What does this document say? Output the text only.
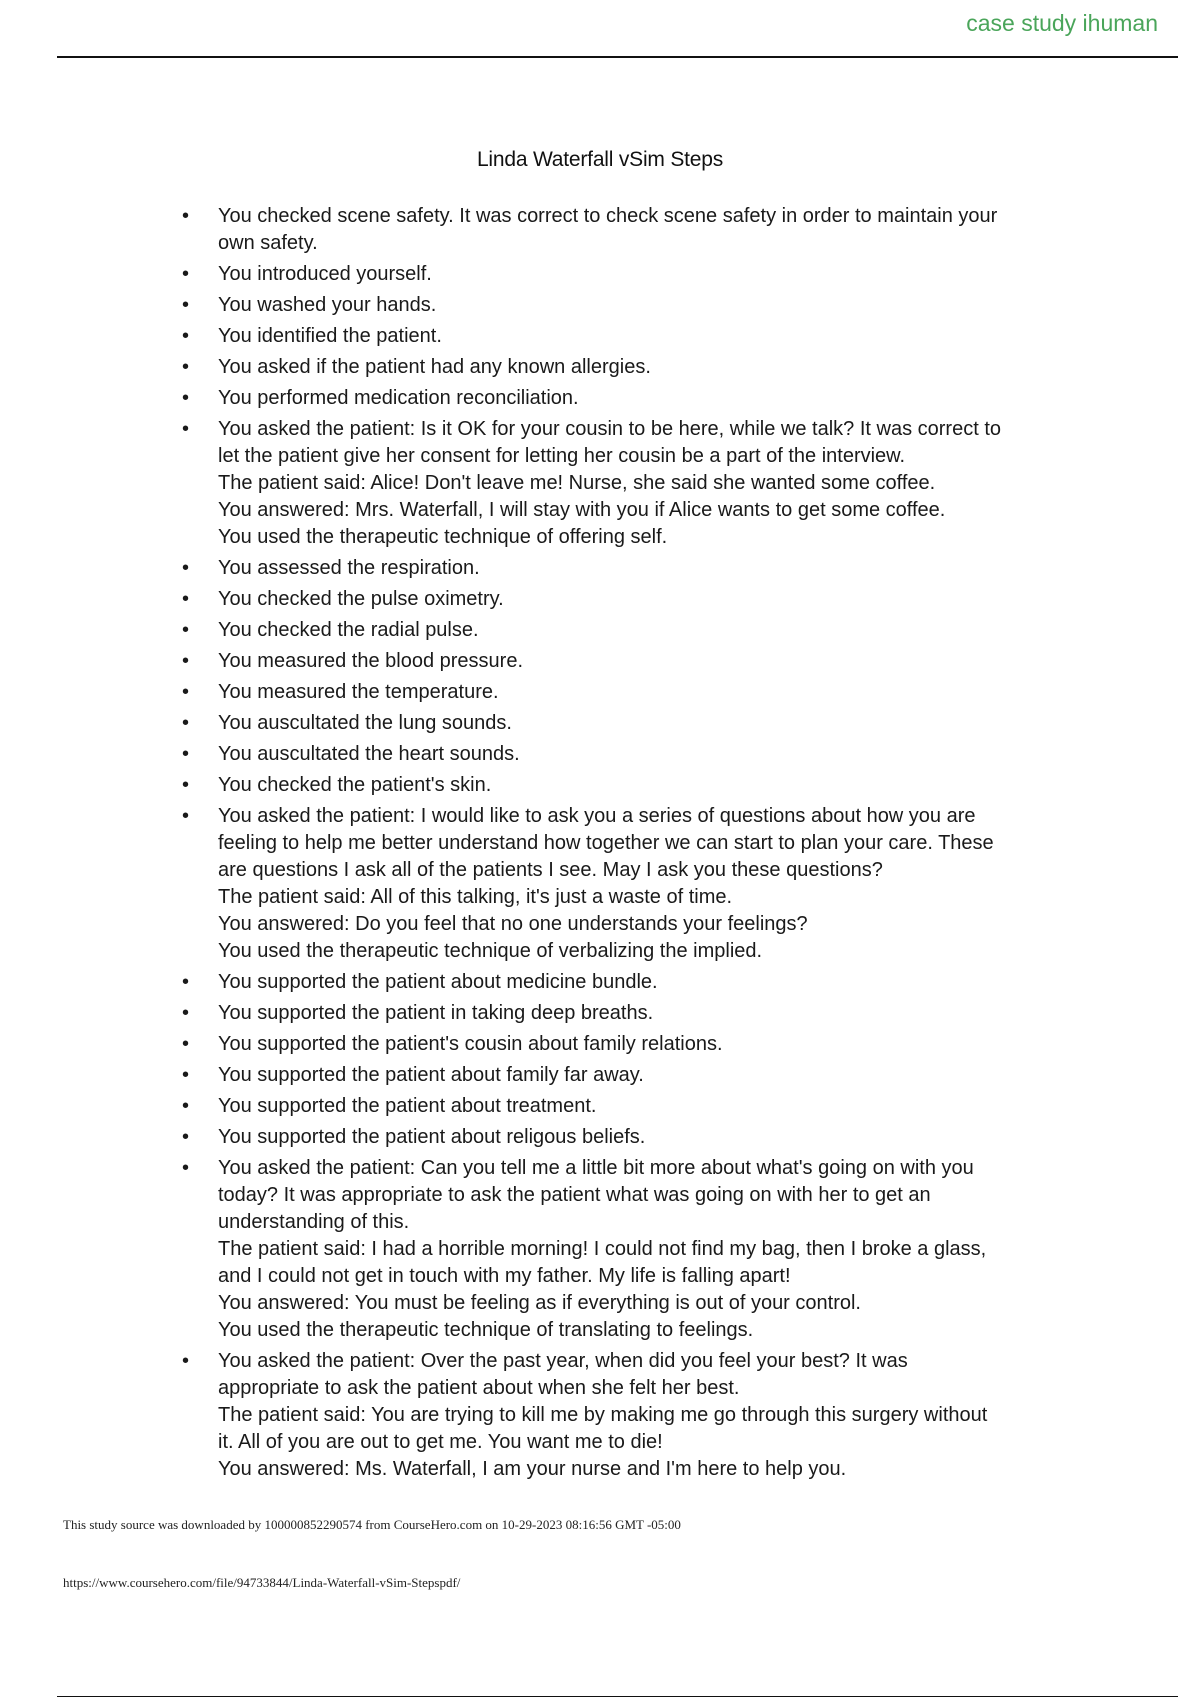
case study ihuman
Linda Waterfall vSim Steps
• You checked scene safety. It was correct to check scene safety in order to maintain your
own safety.
• You introduced yourself.
• You washed your hands.
• You identified the patient.
• You asked if the patient had any known allergies.
• You performed medication reconciliation.
• You asked the patient: Is it OK for your cousin to be here, while we talk? It was correct to
let the patient give her consent for letting her cousin be a part of the interview.
The patient said: Alice! Don't leave me! Nurse, she said she wanted some coffee.
You answered: Mrs. Waterfall, I will stay with you if Alice wants to get some coffee.
You used the therapeutic technique of offering self.
• You assessed the respiration.
• You checked the pulse oximetry.
• You checked the radial pulse.
• You measured the blood pressure.
• You measured the temperature.
• You auscultated the lung sounds.
• You auscultated the heart sounds.
• You checked the patient's skin.
• You asked the patient: I would like to ask you a series of questions about how you are
feeling to help me better understand how together we can start to plan your care. These
are questions I ask all of the patients I see. May I ask you these questions?
The patient said: All of this talking, it's just a waste of time.
You answered: Do you feel that no one understands your feelings?
You used the therapeutic technique of verbalizing the implied.
• You supported the patient about medicine bundle.
• You supported the patient in taking deep breaths.
• You supported the patient's cousin about family relations.
• You supported the patient about family far away.
• You supported the patient about treatment.
• You supported the patient about religous beliefs.
• You asked the patient: Can you tell me a little bit more about what's going on with you
today? It was appropriate to ask the patient what was going on with her to get an
understanding of this.
The patient said: I had a horrible morning! I could not find my bag, then I broke a glass,
and I could not get in touch with my father. My life is falling apart!
You answered: You must be feeling as if everything is out of your control.
You used the therapeutic technique of translating to feelings.
• You asked the patient: Over the past year, when did you feel your best? It was
appropriate to ask the patient about when she felt her best.
The patient said: You are trying to kill me by making me go through this surgery without
it. All of you are out to get me. You want me to die!
You answered: Ms. Waterfall, I am your nurse and I'm here to help you.
This study source was downloaded by 100000852290574 from CourseHero.com on 10-29-2023 08:16:56 GMT -05:00
https://www.coursehero.com/file/94733844/Linda-Waterfall-vSim-Stepspdf/
